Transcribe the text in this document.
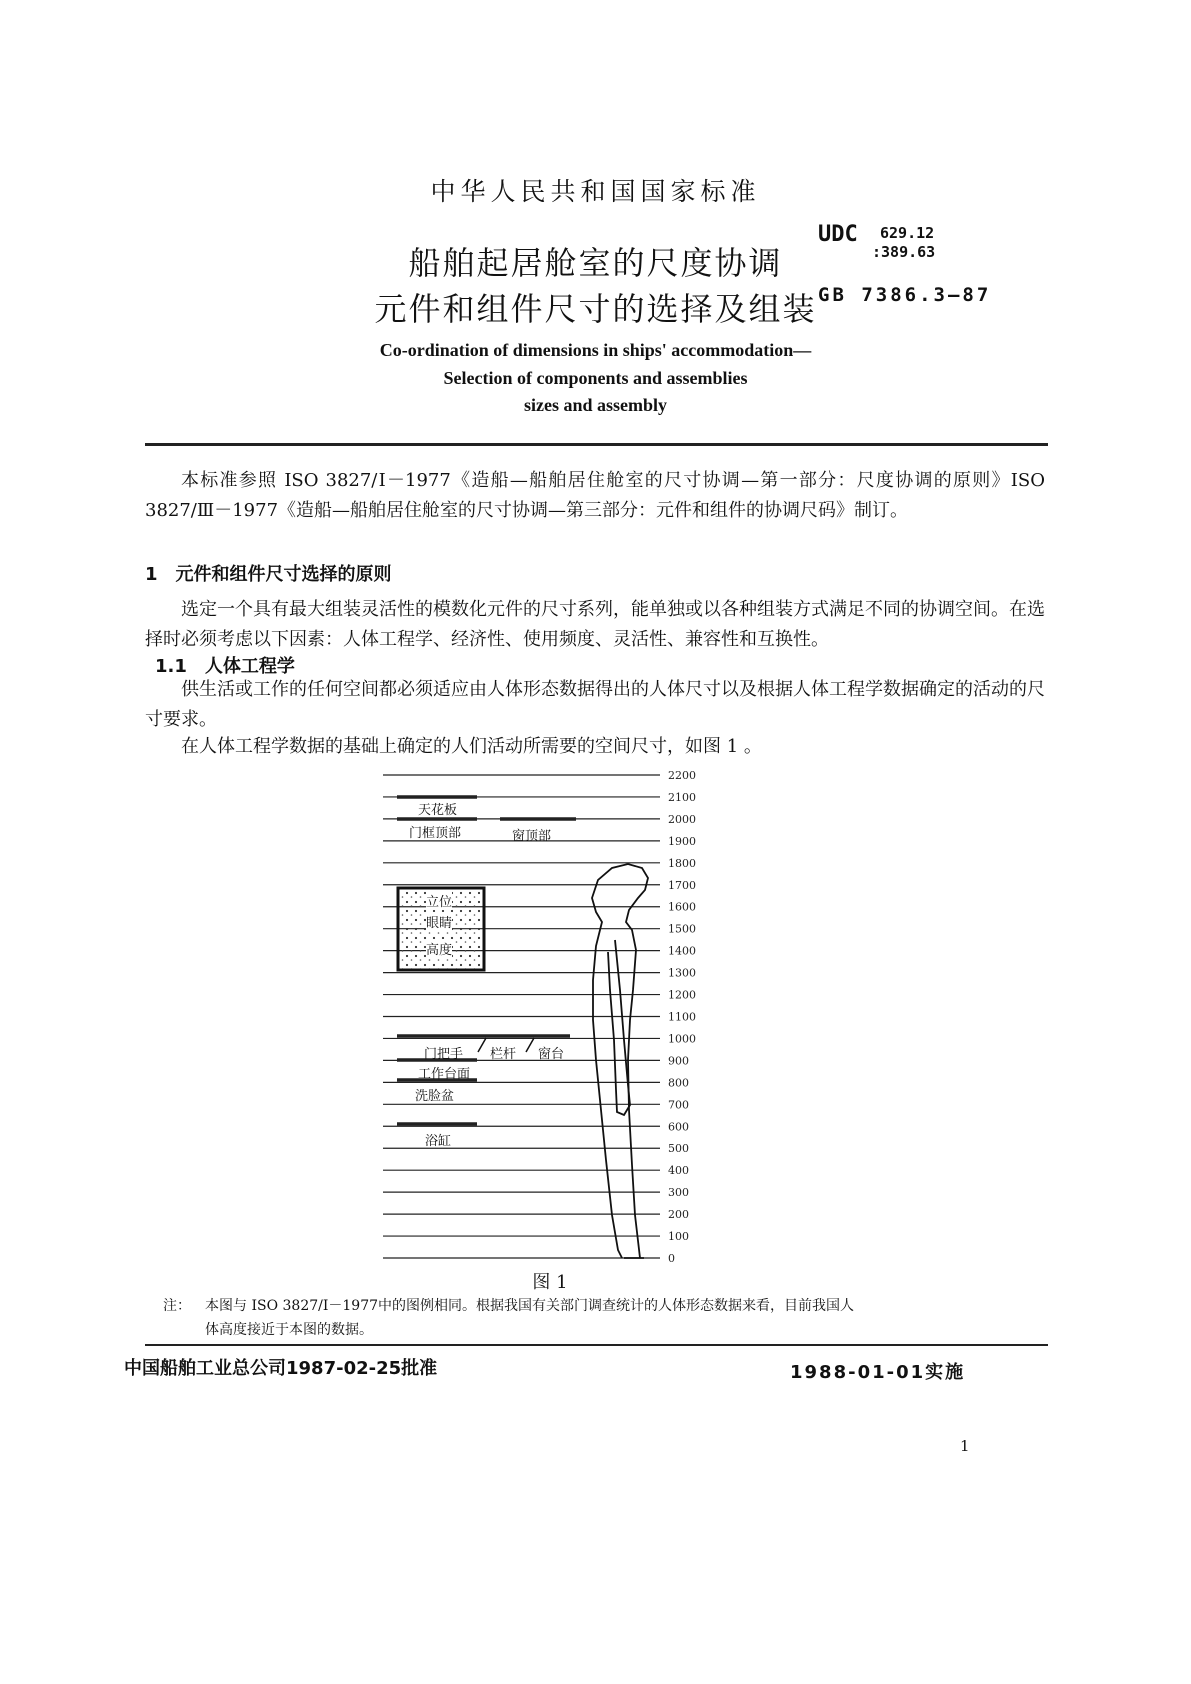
中华人民共和国国家标准
船舶起居舱室的尺度协调
元件和组件尺寸的选择及组装
UDC 629.12
:389.63
GB 7386.3—87
Co-ordination of dimensions in ships' accommodation—
Selection of components and assemblies
sizes and assembly
本标准参照 ISO 3827/Ⅰ－1977《造船—船舶居住舱室的尺寸协调—第一部分：尺度协调的原则》ISO 3827/Ⅲ－1977《造船—船舶居住舱室的尺寸协调—第三部分：元件和组件的协调尺码》制订。
1　元件和组件尺寸选择的原则
选定一个具有最大组装灵活性的模数化元件的尺寸系列，能单独或以各种组装方式满足不同的协调空间。在选择时必须考虑以下因素：人体工程学、经济性、使用频度、灵活性、兼容性和互换性。
1.1　人体工程学
供生活或工作的任何空间都必须适应由人体形态数据得出的人体尺寸以及根据人体工程学数据确定的活动的尺寸要求。
在人体工程学数据的基础上确定的人们活动所需要的空间尺寸，如图 1 。
2200
2100
2000
1900
1800
1700
1600
1500
1400
1300
1200
1100
1000
900
800
700
600
500
400
300
200
100
0
天花板
门框顶部	窗顶部
立位
眼睛
高度
门把手 栏杆 窗台
工作台面
洗脸盆
浴缸
图 1
注： 本图与 ISO 3827/Ⅰ－1977中的图例相同。根据我国有关部门调查统计的人体形态数据来看，目前我国人
体高度接近于本图的数据。
中国船舶工业总公司1987-02-25批准	1988-01-01实施
1
